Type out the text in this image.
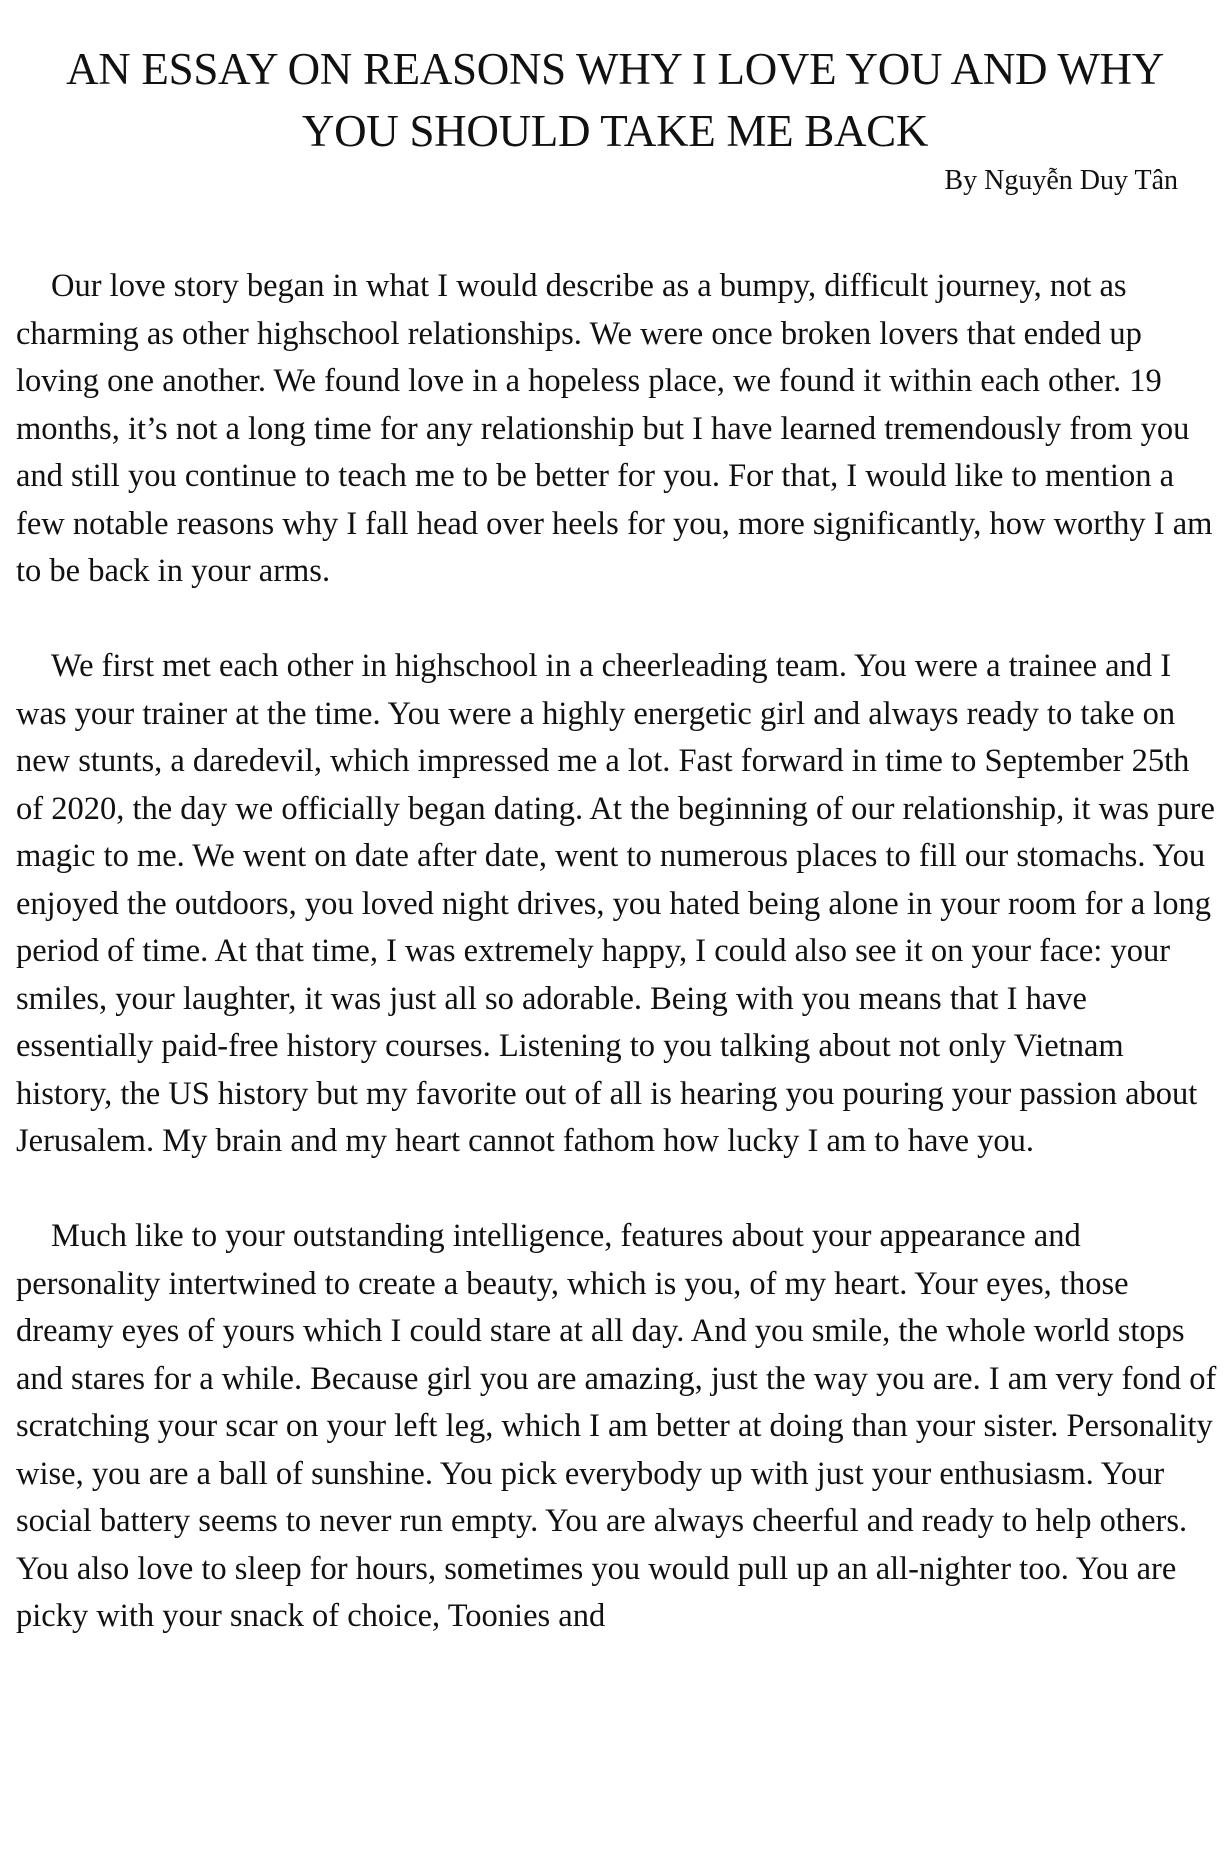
AN ESSAY ON REASONS WHY I LOVE YOU AND WHY YOU SHOULD TAKE ME BACK

By Nguyễn Duy Tân

Our love story began in what I would describe as a bumpy, difficult journey, not as charming as other highschool relationships. We were once broken lovers that ended up loving one another. We found love in a hopeless place, we found it within each other. 19 months, it’s not a long time for any relationship but I have learned tremendously from you and still you continue to teach me to be better for you. For that, I would like to mention a few notable reasons why I fall head over heels for you, more significantly, how worthy I am to be back in your arms.

We first met each other in highschool in a cheerleading team. You were a trainee and I was your trainer at the time. You were a highly energetic girl and always ready to take on new stunts, a daredevil, which impressed me a lot. Fast forward in time to September 25th of 2020, the day we officially began dating. At the beginning of our relationship, it was pure magic to me. We went on date after date, went to numerous places to fill our stomachs. You enjoyed the outdoors, you loved night drives, you hated being alone in your room for a long period of time. At that time, I was extremely happy, I could also see it on your face: your smiles, your laughter, it was just all so adorable. Being with you means that I have essentially paid-free history courses. Listening to you talking about not only Vietnam history, the US history but my favorite out of all is hearing you pouring your passion about Jerusalem. My brain and my heart cannot fathom how lucky I am to have you.

Much like to your outstanding intelligence, features about your appearance and personality intertwined to create a beauty, which is you, of my heart. Your eyes, those dreamy eyes of yours which I could stare at all day. And you smile, the whole world stops and stares for a while. Because girl you are amazing, just the way you are. I am very fond of scratching your scar on your left leg, which I am better at doing than your sister. Personality wise, you are a ball of sunshine. You pick everybody up with just your enthusiasm. Your social battery seems to never run empty. You are always cheerful and ready to help others. You also love to sleep for hours, sometimes you would pull up an all-nighter too. You are picky with your snack of choice, Toonies and
